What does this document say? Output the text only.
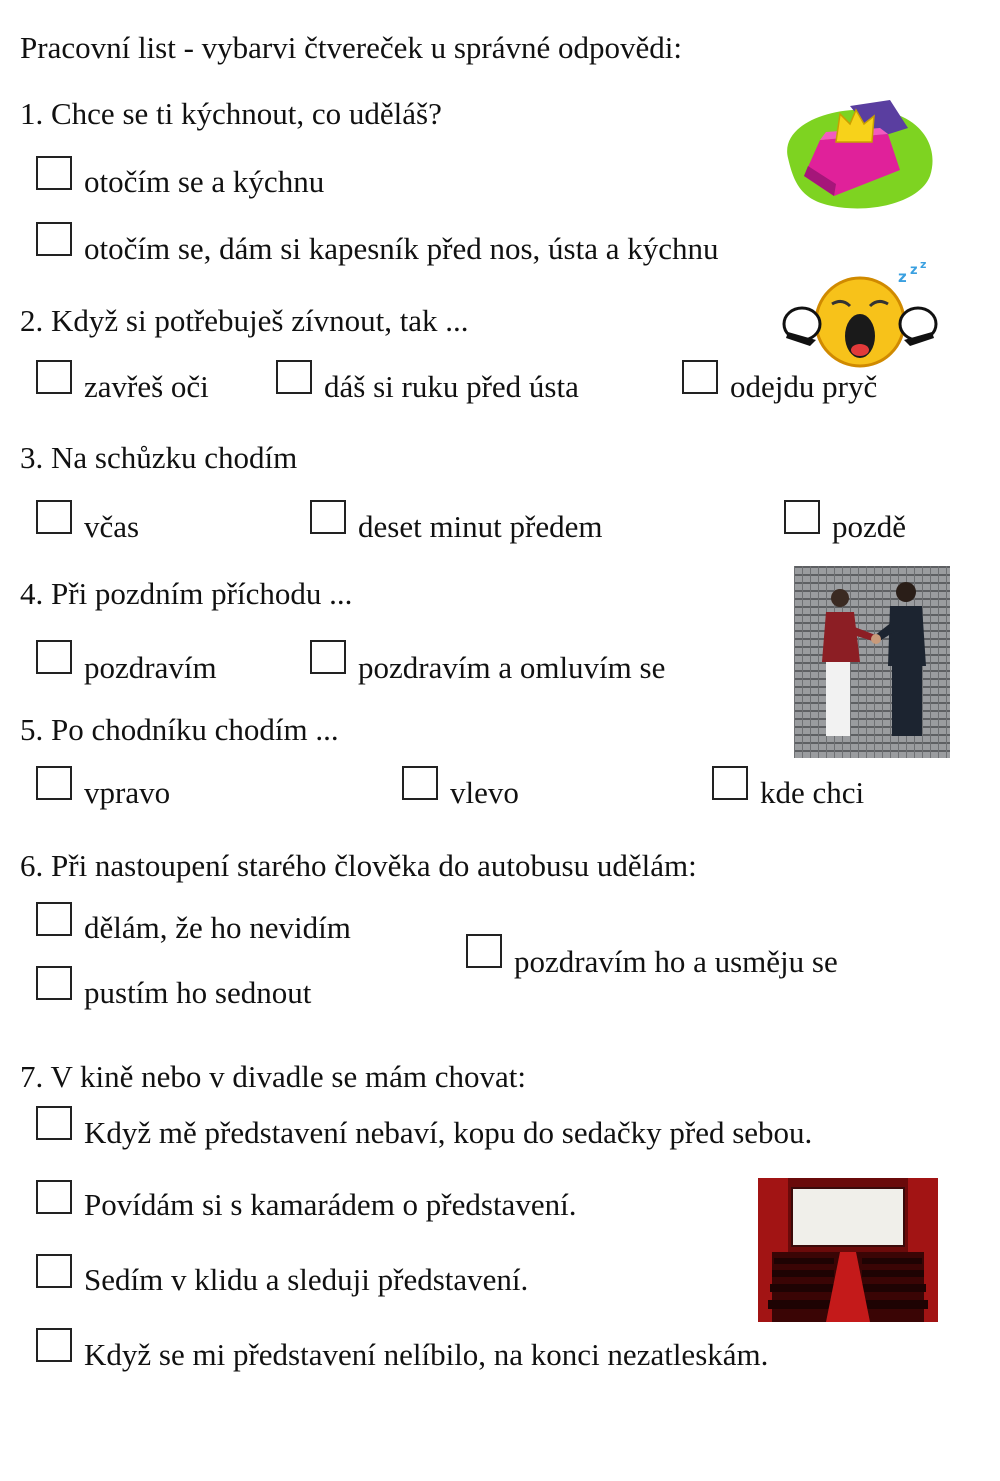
Pracovní list - vybarvi čtvereček u správné odpovědi:
1. Chce se ti kýchnout, co uděláš?
otočím se a kýchnu
otočím se, dám si kapesník před nos, ústa a kýchnu
2. Když si potřebuješ zívnout, tak ...
zavřeš oči	dáš si ruku před ústa	odejdu pryč
z z z
3. Na schůzku chodím
včas	deset minut předem	pozdě
4. Při pozdním příchodu ...
pozdravím	pozdravím a omluvím se
5. Po chodníku chodím ...
vpravo	vlevo	kde chci
6. Při nastoupení starého člověka do autobusu udělám:
dělám, že ho nevidím
pustím ho sednout
pozdravím ho a usměju se
7. V kině nebo v divadle se mám chovat:
Když mě představení nebaví, kopu do sedačky před sebou.
Povídám si s kamarádem o představení.
Sedím v klidu a sleduji představení.
Když se mi představení nelíbilo, na konci nezatleskám.
